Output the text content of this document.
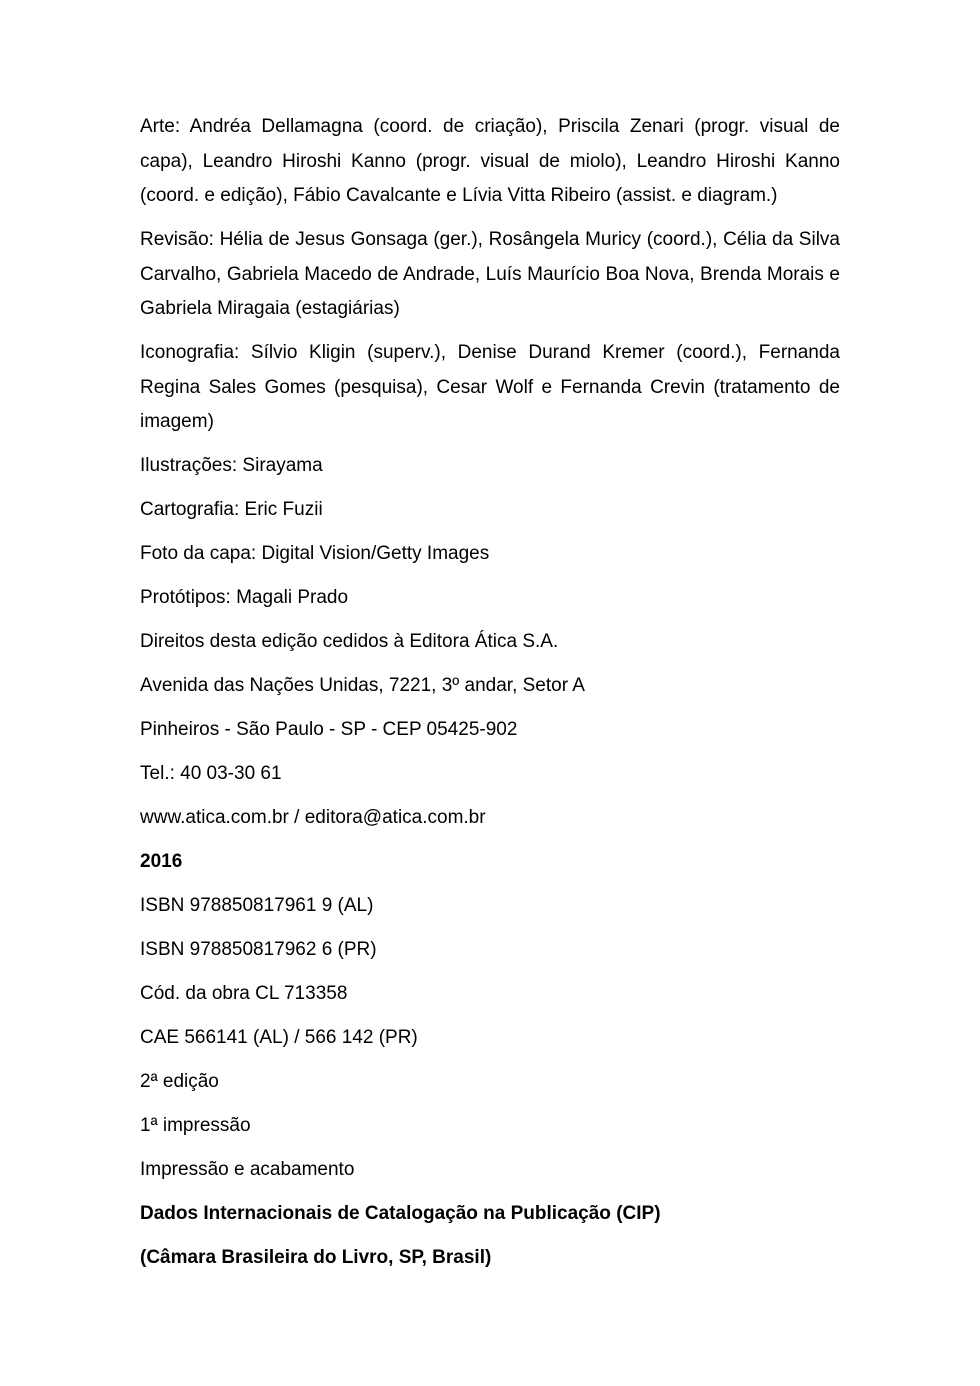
Arte: Andréa Dellamagna (coord. de criação), Priscila Zenari (progr. visual de capa), Leandro Hiroshi Kanno (progr. visual de miolo), Leandro Hiroshi Kanno (coord. e edição), Fábio Cavalcante e Lívia Vitta Ribeiro (assist. e diagram.)

Revisão: Hélia de Jesus Gonsaga (ger.), Rosângela Muricy (coord.), Célia da Silva Carvalho, Gabriela Macedo de Andrade, Luís Maurício Boa Nova, Brenda Morais e Gabriela Miragaia (estagiárias)

Iconografia: Sílvio Kligin (superv.), Denise Durand Kremer (coord.), Fernanda Regina Sales Gomes (pesquisa), Cesar Wolf e Fernanda Crevin (tratamento de imagem)

Ilustrações: Sirayama

Cartografia: Eric Fuzii

Foto da capa: Digital Vision/Getty Images

Protótipos: Magali Prado

Direitos desta edição cedidos à Editora Ática S.A.

Avenida das Nações Unidas, 7221, 3º andar, Setor A

Pinheiros - São Paulo - SP - CEP 05425-902

Tel.: 40 03-30 61

www.atica.com.br / editora@atica.com.br

2016

ISBN 978850817961 9 (AL)

ISBN 978850817962 6 (PR)

Cód. da obra CL 713358

CAE 566141 (AL) / 566 142 (PR)

2ª edição

1ª impressão

Impressão e acabamento

Dados Internacionais de Catalogação na Publicação (CIP)

(Câmara Brasileira do Livro, SP, Brasil)
